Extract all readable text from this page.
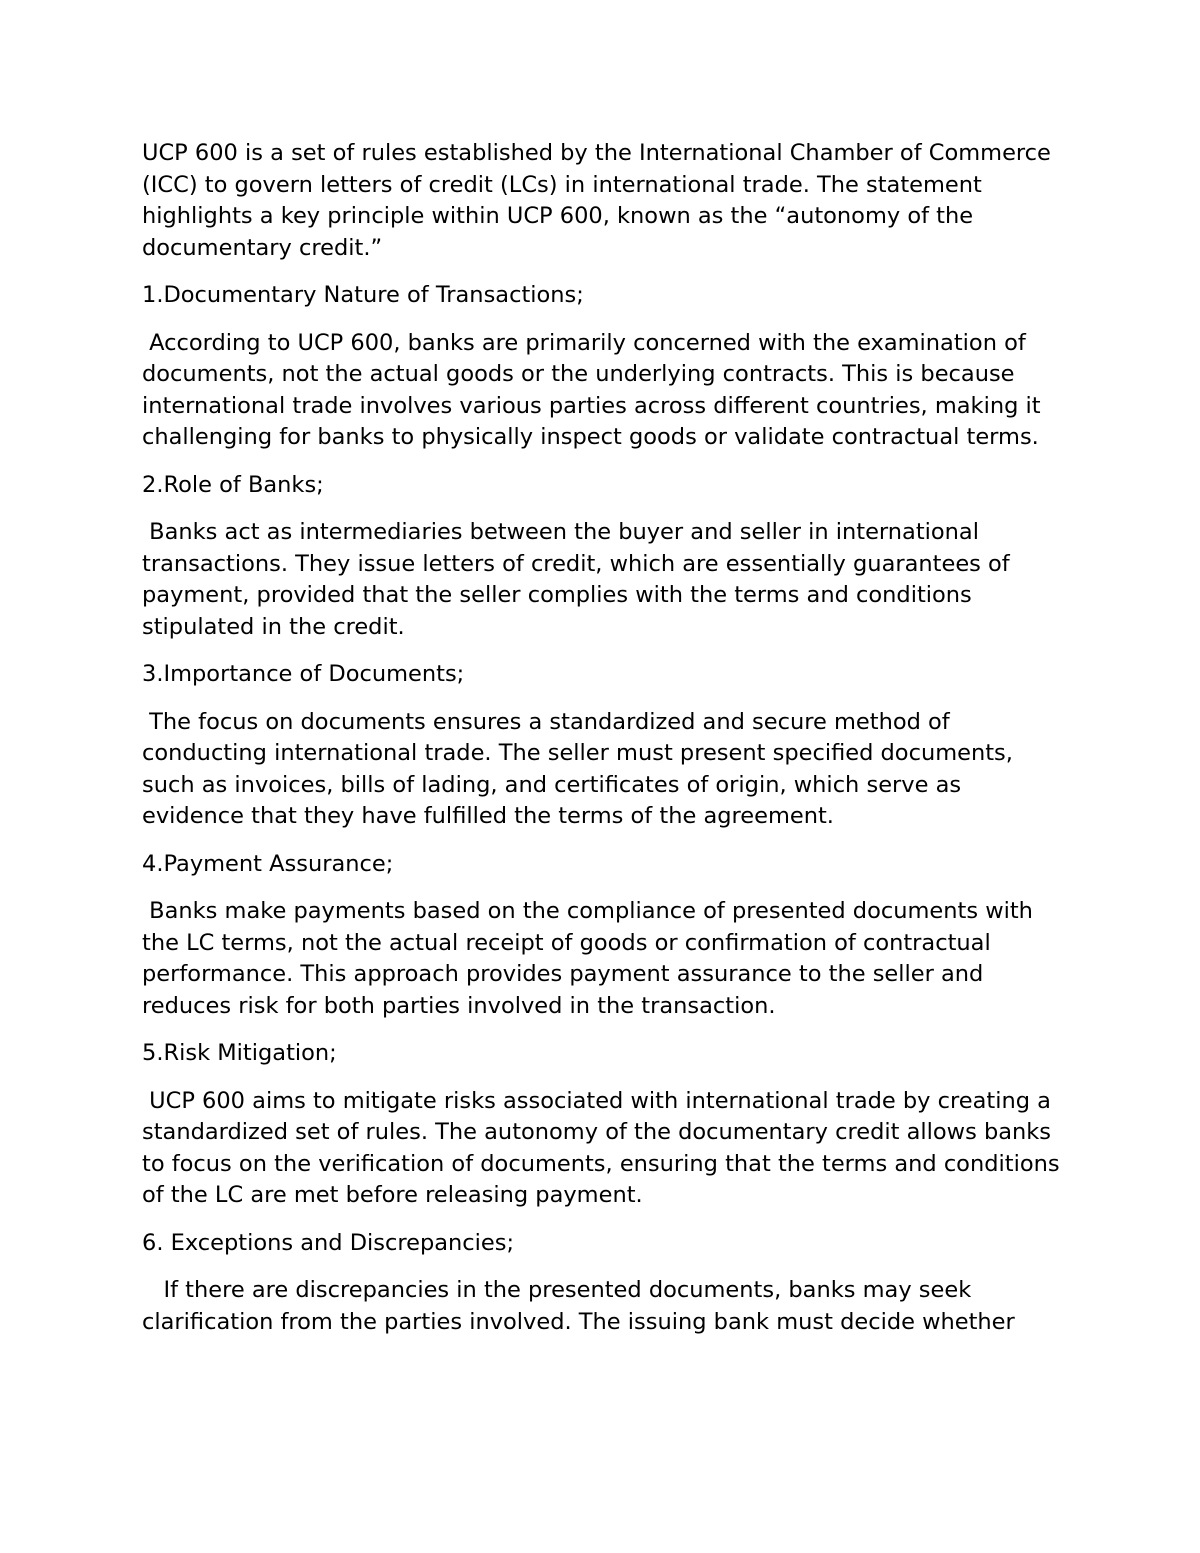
UCP 600 is a set of rules established by the International Chamber of Commerce (ICC) to govern letters of credit (LCs) in international trade. The statement highlights a key principle within UCP 600, known as the “autonomy of the documentary credit.”

1.Documentary Nature of Transactions;

According to UCP 600, banks are primarily concerned with the examination of documents, not the actual goods or the underlying contracts. This is because international trade involves various parties across different countries, making it challenging for banks to physically inspect goods or validate contractual terms.

2.Role of Banks;

Banks act as intermediaries between the buyer and seller in international transactions. They issue letters of credit, which are essentially guarantees of payment, provided that the seller complies with the terms and conditions stipulated in the credit.

3.Importance of Documents;

The focus on documents ensures a standardized and secure method of conducting international trade. The seller must present specified documents, such as invoices, bills of lading, and certificates of origin, which serve as evidence that they have fulfilled the terms of the agreement.

4.Payment Assurance;

Banks make payments based on the compliance of presented documents with the LC terms, not the actual receipt of goods or confirmation of contractual performance. This approach provides payment assurance to the seller and reduces risk for both parties involved in the transaction.

5.Risk Mitigation;

UCP 600 aims to mitigate risks associated with international trade by creating a standardized set of rules. The autonomy of the documentary credit allows banks to focus on the verification of documents, ensuring that the terms and conditions of the LC are met before releasing payment.

6. Exceptions and Discrepancies;

If there are discrepancies in the presented documents, banks may seek clarification from the parties involved. The issuing bank must decide whether
